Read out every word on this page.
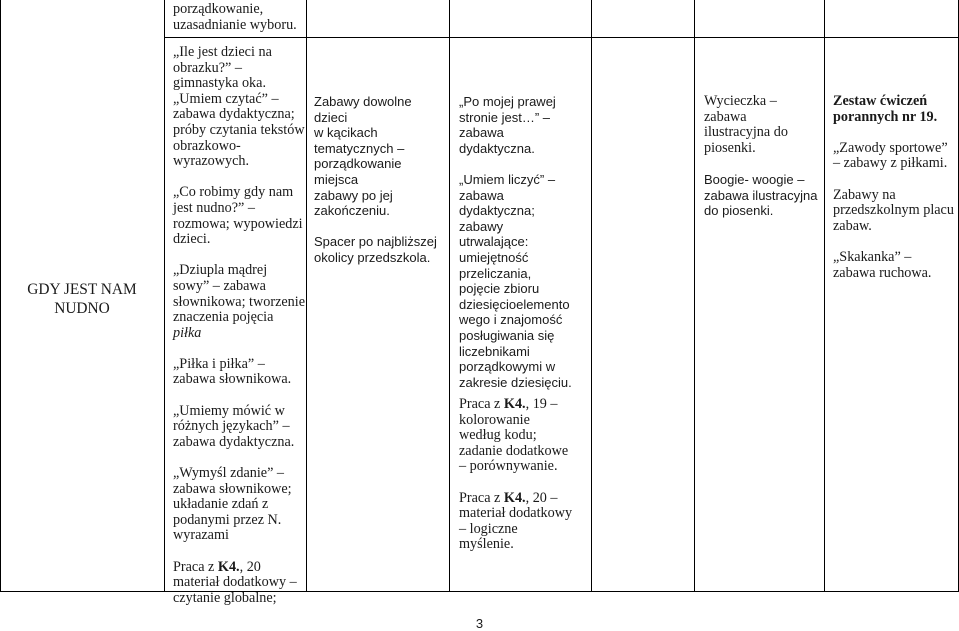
GDY JEST NAM
NUDNO
porządkowanie,
uzasadnianie wyboru.

„Ile jest dzieci na
obrazku?” –
gimnastyka oka.

„Umiem czytać” –
zabawa dydaktyczna;
próby czytania tekstów
obrazkowo-
wyrazowych.

„Co robimy gdy nam
jest nudno?” –
rozmowa; wypowiedzi
dzieci.

„Dziupla mądrej
sowy” – zabawa
słownikowa; tworzenie
znaczenia pojęcia
piłka

„Piłka i piłka” –
zabawa słownikowa.

„Umiemy mówić w
różnych językach” –
zabawa dydaktyczna.

„Wymyśl zdanie” –
zabawa słownikowe;
układanie zdań z
podanymi przez N.
wyrazami

Praca z K4., 20
materiał dodatkowy –
czytanie globalne;

Zabawy dowolne dzieci
w kącikach
tematycznych –
porządkowanie miejsca
zabawy po jej
zakończeniu.

Spacer po najbliższej
okolicy przedszkola.

„Po mojej prawej
stronie jest…” –
zabawa
dydaktyczna.

„Umiem liczyć” –
zabawa
dydaktyczna;
zabawy
utrwalające:
umiejętność
przeliczania,
pojęcie zbioru
dziesięcioelemento
wego i znajomość
posługiwania się
liczebnikami
porządkowymi w
zakresie dziesięciu.

Praca z K4., 19 –
kolorowanie
według kodu;
zadanie dodatkowe
– porównywanie.

Praca z K4., 20 –
materiał dodatkowy
– logiczne
myślenie.

Wycieczka – zabawa
ilustracyjna do
piosenki.

Boogie- woogie –
zabawa ilustracyjna
do piosenki.

Zestaw ćwiczeń
porannych nr 19.

„Zawody sportowe”
– zabawy z piłkami.

Zabawy na
przedszkolnym placu
zabaw.

„Skakanka” –
zabawa ruchowa.

3
